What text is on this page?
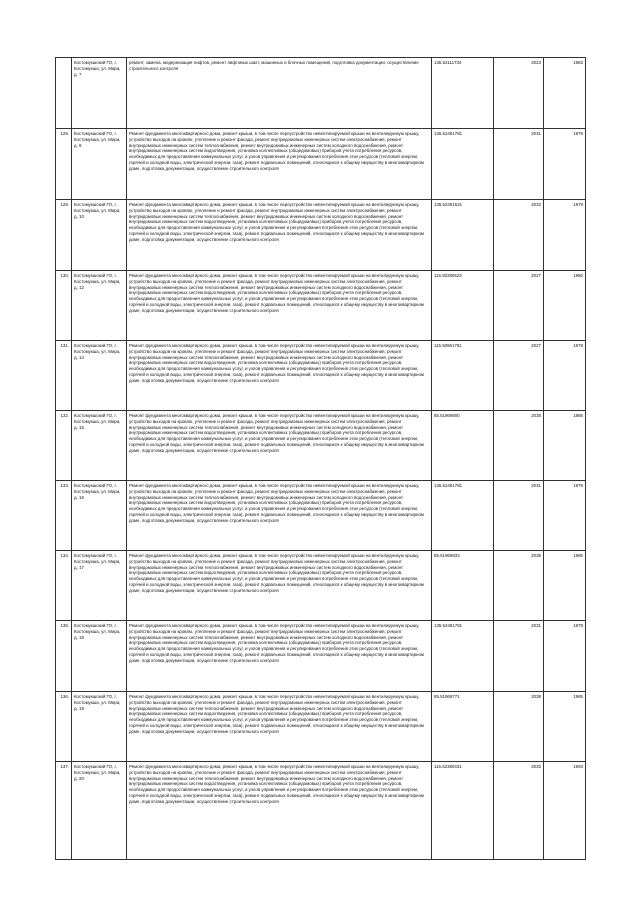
	Костомукшский ГО, г. Костомукша, ул. Мира, д. 7	ремонт, замена, модернизация лифтов, ремонт лифтовых шахт, машинных и блочных помещений, подготовка документации, осуществление строительного контроля	135.52111734	2023	1983
128.	Костомукшский ГО, г. Костомукша, ул. Мира, д. 8	Ремонт фундамента многоквартирного дома, ремонт крыши, в том числе переустройство невентилируемой крыши на вентилируемую крышу, устройство выходов на кровлю, утепление и ремонт фасада, ремонт внутридомовых инженерных систем электроснабжения, ремонт внутридомовых инженерных систем теплоснабжения, ремонт внутридомовых инженерных систем холодного водоснабжения, ремонт внутридомовых инженерных систем водоотведения, установка коллективных (общедомовых) приборов учета потребления ресурсов, необходимых для предоставления коммунальных услуг, и узлов управления и регулирования потребления этих ресурсов (тепловой энергии, горячей и холодной воды, электрической энергии, газа), ремонт подвальных помещений, относящихся к общему имуществу в многоквартирном доме, подготовка документации, осуществление строительного контроля	135.52481781	2031	1979
129.	Костомукшский ГО, г. Костомукша, ул. Мира, д. 10	Ремонт фундамента многоквартирного дома, ремонт крыши, в том числе переустройство невентилируемой крыши на вентилируемую крышу, устройство выходов на кровлю, утепление и ремонт фасада, ремонт внутридомовых инженерных систем электроснабжения, ремонт внутридомовых инженерных систем теплоснабжения, ремонт внутридомовых инженерных систем холодного водоснабжения, ремонт внутридомовых инженерных систем водоотведения, установка коллективных (общедомовых) приборов учета потребления ресурсов, необходимых для предоставления коммунальных услуг, и узлов управления и регулирования потребления этих ресурсов (тепловой энергии, горячей и холодной воды, электрической энергии, газа), ремонт подвальных помещений, относящихся к общему имуществу в многоквартирном доме, подготовка документации, осуществление строительного контроля	135.52481531	2032	1979
130.	Костомукшский ГО, г. Костомукша, ул. Мира, д. 12	Ремонт фундамента многоквартирного дома, ремонт крыши, в том числе переустройство невентилируемой крыши на вентилируемую крышу, устройство выходов на кровлю, утепление и ремонт фасада, ремонт внутридомовых инженерных систем электроснабжения, ремонт внутридомовых инженерных систем теплоснабжения, ремонт внутридомовых инженерных систем холодного водоснабжения, ремонт внутридомовых инженерных систем водоотведения, установка коллективных (общедомовых) приборов учета потребления ресурсов, необходимых для предоставления коммунальных услуг, и узлов управления и регулирования потребления этих ресурсов (тепловой энергии, горячей и холодной воды, электрической энергии, газа), ремонт подвальных помещений, относящихся к общему имуществу в многоквартирном доме, подготовка документации, осуществление строительного контроля	115.50280523	2027	1980
131.	Костомукшский ГО, г. Костомукша, ул. Мира, д. 14	Ремонт фундамента многоквартирного дома, ремонт крыши, в том числе переустройство невентилируемой крыши на вентилируемую крышу, устройство выходов на кровлю, утепление и ремонт фасада, ремонт внутридомовых инженерных систем электроснабжения, ремонт внутридомовых инженерных систем теплоснабжения, ремонт внутридомовых инженерных систем холодного водоснабжения, ремонт внутридомовых инженерных систем водоотведения, установка коллективных (общедомовых) приборов учета потребления ресурсов, необходимых для предоставления коммунальных услуг, и узлов управления и регулирования потребления этих ресурсов (тепловой энергии, горячей и холодной воды, электрической энергии, газа), ремонт подвальных помещений, относящихся к общему имуществу в многоквартирном доме, подготовка документации, осуществление строительного контроля	115.50961781	2027	1978
132.	Костомукшский ГО, г. Костомукша, ул. Мира, д. 15	Ремонт фундамента многоквартирного дома, ремонт крыши, в том числе переустройство невентилируемой крыши на вентилируемую крышу, устройство выходов на кровлю, утепление и ремонт фасада, ремонт внутридомовых инженерных систем электроснабжения, ремонт внутридомовых инженерных систем теплоснабжения, ремонт внутридомовых инженерных систем холодного водоснабжения, ремонт внутридомовых инженерных систем водоотведения, установка коллективных (общедомовых) приборов учета потребления ресурсов, необходимых для предоставления коммунальных услуг, и узлов управления и регулирования потребления этих ресурсов (тепловой энергии, горячей и холодной воды, электрической энергии, газа), ремонт подвальных помещений, относящихся к общему имуществу в многоквартирном доме, подготовка документации, осуществление строительного контроля	85.51969800	2038	1985
133.	Костомукшский ГО, г. Костомукша, ул. Мира, д. 16	Ремонт фундамента многоквартирного дома, ремонт крыши, в том числе переустройство невентилируемой крыши на вентилируемую крышу, устройство выходов на кровлю, утепление и ремонт фасада, ремонт внутридомовых инженерных систем электроснабжения, ремонт внутридомовых инженерных систем теплоснабжения, ремонт внутридомовых инженерных систем холодного водоснабжения, ремонт внутридомовых инженерных систем водоотведения, установка коллективных (общедомовых) приборов учета потребления ресурсов, необходимых для предоставления коммунальных услуг, и узлов управления и регулирования потребления этих ресурсов (тепловой энергии, горячей и холодной воды, электрической энергии, газа), ремонт подвальных помещений, относящихся к общему имуществу в многоквартирном доме, подготовка документации, осуществление строительного контроля	135.52481781	2031	1979
134.	Костомукшский ГО, г. Костомукша, ул. Мира, д. 17	Ремонт фундамента многоквартирного дома, ремонт крыши, в том числе переустройство невентилируемой крыши на вентилируемую крышу, устройство выходов на кровлю, утепление и ремонт фасада, ремонт внутридомовых инженерных систем электроснабжения, ремонт внутридомовых инженерных систем теплоснабжения, ремонт внутридомовых инженерных систем холодного водоснабжения, ремонт внутридомовых инженерных систем водоотведения, установка коллективных (общедомовых) приборов учета потребления ресурсов, необходимых для предоставления коммунальных услуг, и узлов управления и регулирования потребления этих ресурсов (тепловой энергии, горячей и холодной воды, электрической энергии, газа), ремонт подвальных помещений, относящихся к общему имуществу в многоквартирном доме, подготовка документации, осуществление строительного контроля	85.51969833	2038	1985
135.	Костомукшский ГО, г. Костомукша, ул. Мира, д. 18	Ремонт фундамента многоквартирного дома, ремонт крыши, в том числе переустройство невентилируемой крыши на вентилируемую крышу, устройство выходов на кровлю, утепление и ремонт фасада, ремонт внутридомовых инженерных систем электроснабжения, ремонт внутридомовых инженерных систем теплоснабжения, ремонт внутридомовых инженерных систем холодного водоснабжения, ремонт внутридомовых инженерных систем водоотведения, установка коллективных (общедомовых) приборов учета потребления ресурсов, необходимых для предоставления коммунальных услуг, и узлов управления и регулирования потребления этих ресурсов (тепловой энергии, горячей и холодной воды, электрической энергии, газа), ремонт подвальных помещений, относящихся к общему имуществу в многоквартирном доме, подготовка документации, осуществление строительного контроля	135.52481781	2031	1979
136.	Костомукшский ГО, г. Костомукша, ул. Мира, д. 19	Ремонт фундамента многоквартирного дома, ремонт крыши, в том числе переустройство невентилируемой крыши на вентилируемую крышу, устройство выходов на кровлю, утепление и ремонт фасада, ремонт внутридомовых инженерных систем электроснабжения, ремонт внутридомовых инженерных систем теплоснабжения, ремонт внутридомовых инженерных систем холодного водоснабжения, ремонт внутридомовых инженерных систем водоотведения, установка коллективных (общедомовых) приборов учета потребления ресурсов, необходимых для предоставления коммунальных услуг, и узлов управления и регулирования потребления этих ресурсов (тепловой энергии, горячей и холодной воды, электрической энергии, газа), ремонт подвальных помещений, относящихся к общему имуществу в многоквартирном доме, подготовка документации, осуществление строительного контроля	85.51969771	2038	1985
137.	Костомукшский ГО, г. Костомукша, ул. Мира, д. 20	Ремонт фундамента многоквартирного дома, ремонт крыши, в том числе переустройство невентилируемой крыши на вентилируемую крышу, устройство выходов на кровлю, утепление и ремонт фасада, ремонт внутридомовых инженерных систем электроснабжения, ремонт внутридомовых инженерных систем теплоснабжения, ремонт внутридомовых инженерных систем холодного водоснабжения, ремонт внутридомовых инженерных систем водоотведения, установка коллективных (общедомовых) приборов учета потребления ресурсов, необходимых для предоставления коммунальных услуг, и узлов управления и регулирования потребления этих ресурсов (тепловой энергии, горячей и холодной воды, электрической энергии, газа), ремонт подвальных помещений, относящихся к общему имуществу в многоквартирном доме, подготовка документации, осуществление строительного контроля	115.52380431	2033	1993
